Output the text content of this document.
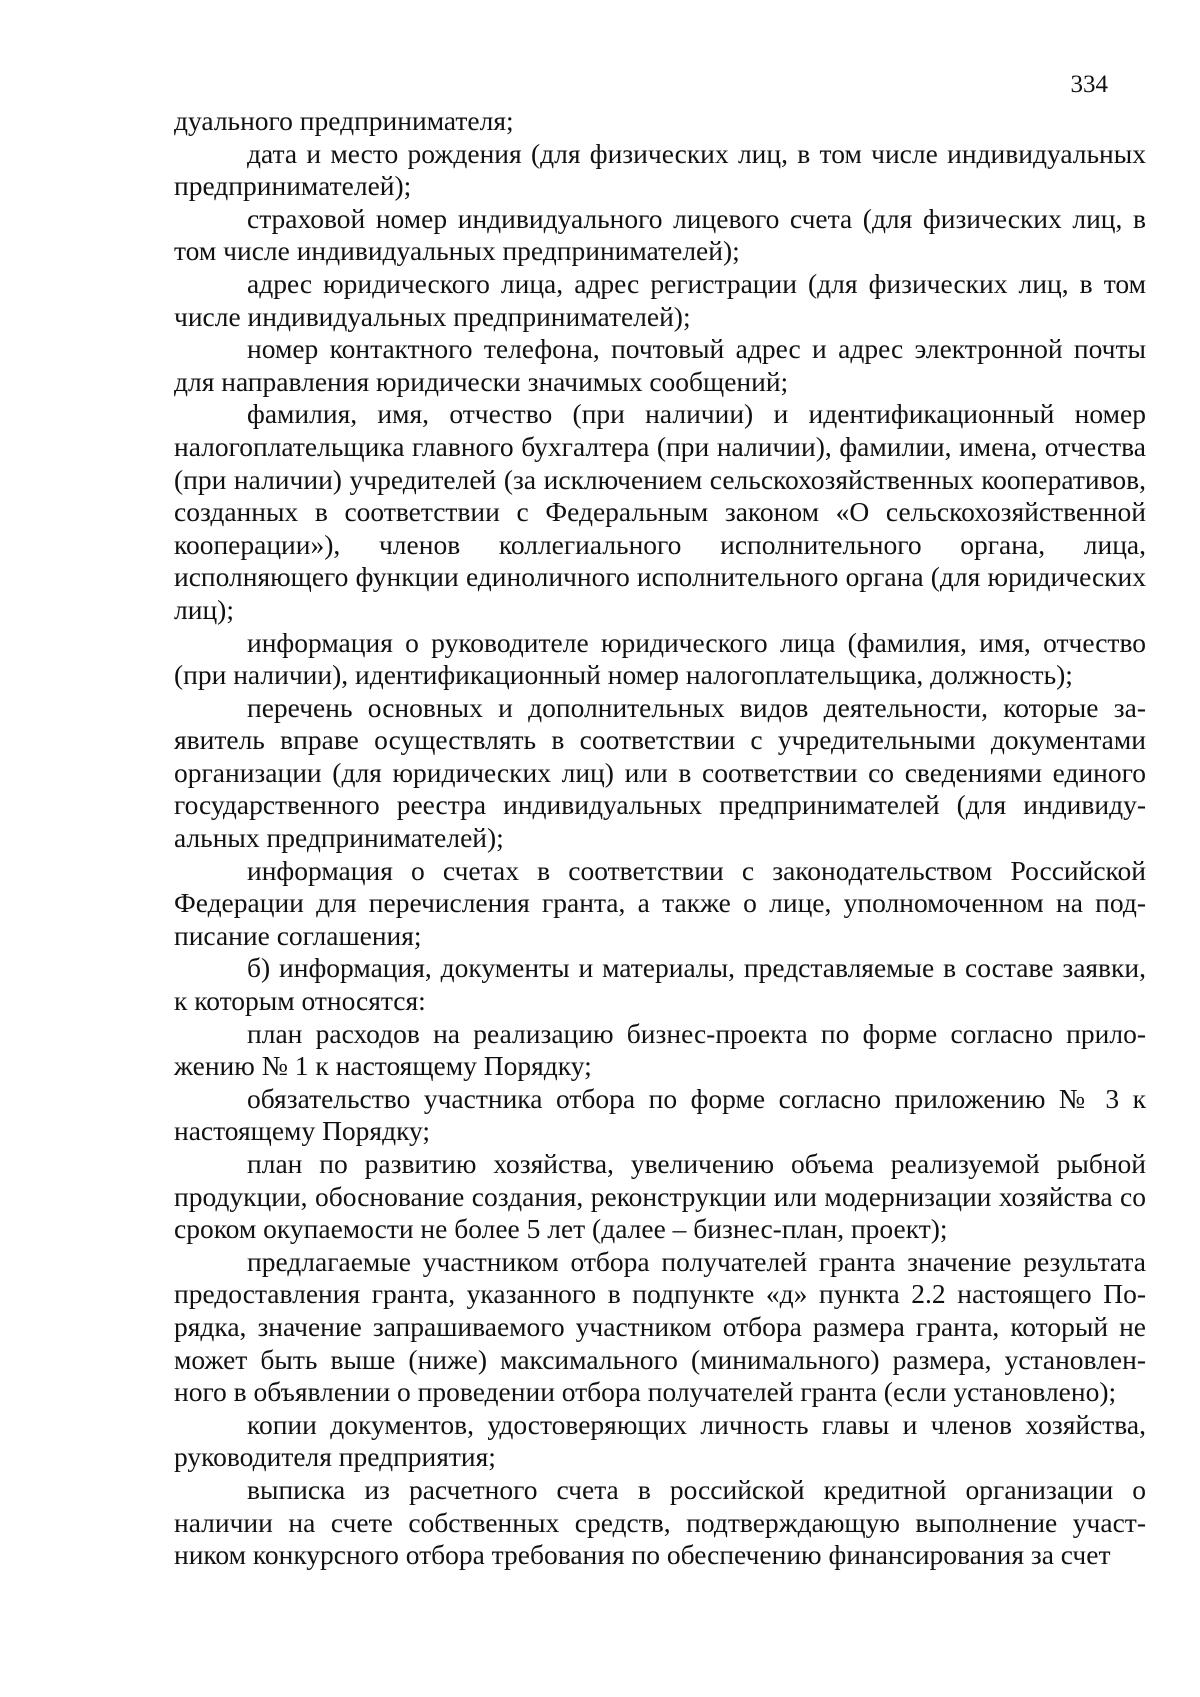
334

дуального предпринимателя;

дата и место рождения (для физических лиц, в том числе индивидуальных предпринимателей);

страховой номер индивидуального лицевого счета (для физических лиц, в том числе индивидуальных предпринимателей);

адрес юридического лица, адрес регистрации (для физических лиц, в том числе индивидуальных предпринимателей);

номер контактного телефона, почтовый адрес и адрес электронной почты для направления юридически значимых сообщений;

фамилия, имя, отчество (при наличии) и идентификационный номер налогоплательщика главного бухгалтера (при наличии), фамилии, имена, отчества (при наличии) учредителей (за исключением сельскохозяйственных кооперативов, созданных в соответствии с Федеральным законом «О сельскохозяйственной кооперации»), членов коллегиального исполнительного органа, лица, исполняющего функции единоличного исполнительного органа (для юридических лиц);

информация о руководителе юридического лица (фамилия, имя, отчество (при наличии), идентификационный номер налогоплательщика, должность);

перечень основных и дополнительных видов деятельности, которые заявитель вправе осуществлять в соответствии с учредительными документами организации (для юридических лиц) или в соответствии со сведениями единого государственного реестра индивидуальных предпринимателей (для индивидуальных предпринимателей);

информация о счетах в соответствии с законодательством Российской Федерации для перечисления гранта, а также о лице, уполномоченном на подписание соглашения;

б) информация, документы и материалы, представляемые в составе заявки, к которым относятся:

план расходов на реализацию бизнес-проекта по форме согласно приложению № 1 к настоящему Порядку;

обязательство участника отбора по форме согласно приложению № 3 к настоящему Порядку;

план по развитию хозяйства, увеличению объема реализуемой рыбной продукции, обоснование создания, реконструкции или модернизации хозяйства со сроком окупаемости не более 5 лет (далее – бизнес-план, проект);

предлагаемые участником отбора получателей гранта значение результата предоставления гранта, указанного в подпункте «д» пункта 2.2 настоящего Порядка, значение запрашиваемого участником отбора размера гранта, который не может быть выше (ниже) максимального (минимального) размера, установленного в объявлении о проведении отбора получателей гранта (если установлено);

копии документов, удостоверяющих личность главы и членов хозяйства, руководителя предприятия;

выписка из расчетного счета в российской кредитной организации о наличии на счете собственных средств, подтверждающую выполнение участником конкурсного отбора требования по обеспечению финансирования за счет
